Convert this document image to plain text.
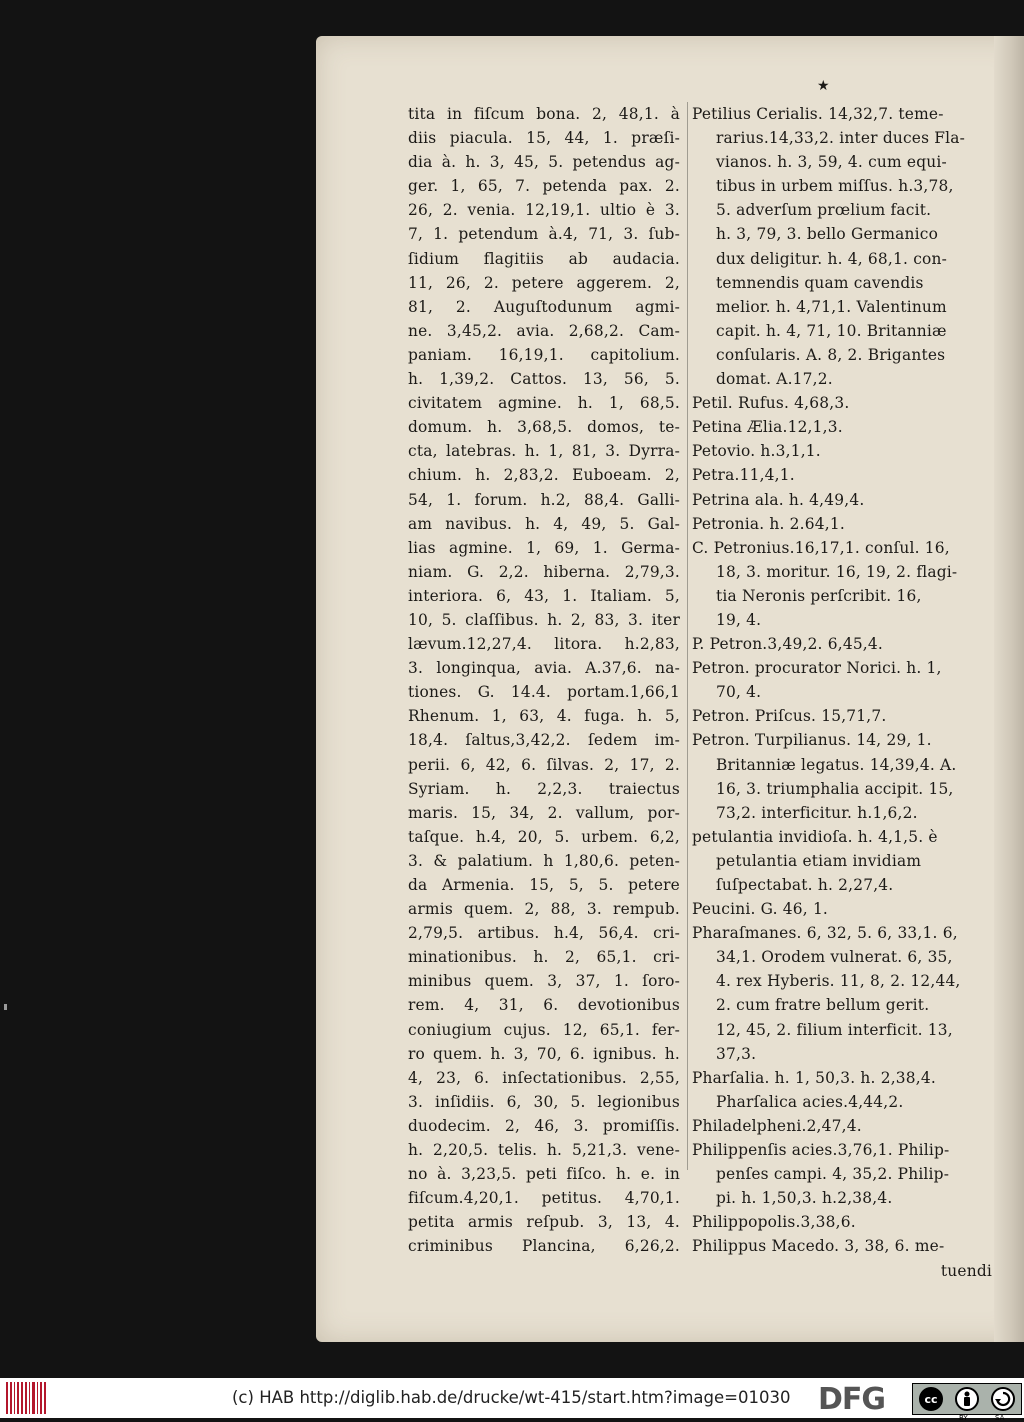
tita in fiſcum bona. 2, 48,1. à
diis piacula. 15, 44, 1. præſi-
dia à. h. 3, 45, 5. petendus ag-
ger. 1, 65, 7. petenda pax. 2.
26, 2. venia. 12,19,1. ultio è 3.
7, 1. petendum à.4, 71, 3. ſub-
ſidium flagitiis ab audacia.
11, 26, 2. petere aggerem. 2,
81, 2. Auguſtodunum agmi-
ne. 3,45,2. avia. 2,68,2. Cam-
paniam. 16,19,1. capitolium.
h. 1,39,2. Cattos. 13, 56, 5.
civitatem agmine. h. 1, 68,5.
domum. h. 3,68,5. domos, te-
cta, latebras. h. 1, 81, 3. Dyrra-
chium. h. 2,83,2. Euboeam. 2,
54, 1. forum. h.2, 88,4. Galli-
am navibus. h. 4, 49, 5. Gal-
lias agmine. 1, 69, 1. Germa-
niam. G. 2,2. hiberna. 2,79,3.
interiora. 6, 43, 1. Italiam. 5,
10, 5. claſſibus. h. 2, 83, 3. iter
lævum.12,27,4. litora. h.2,83,
3. longinqua, avia. A.37,6. na-
tiones. G. 14.4. portam.1,66,1
Rhenum. 1, 63, 4. fuga. h. 5,
18,4. ſaltus,3,42,2. ſedem im-
perii. 6, 42, 6. ſilvas. 2, 17, 2.
Syriam. h. 2,2,3. traiectus
maris. 15, 34, 2. vallum, por-
taſque. h.4, 20, 5. urbem. 6,2,
3. & palatium. h 1,80,6. peten-
da Armenia. 15, 5, 5. petere
armis quem. 2, 88, 3. rempub.
2,79,5. artibus. h.4, 56,4. cri-
minationibus. h. 2, 65,1. cri-
minibus quem. 3, 37, 1. ſoro-
rem. 4, 31, 6. devotionibus
coniugium cujus. 12, 65,1. fer-
ro quem. h. 3, 70, 6. ignibus. h.
4, 23, 6. inſectationibus. 2,55,
3. inſidiis. 6, 30, 5. legionibus
duodecim. 2, 46, 3. promiſſis.
h. 2,20,5. telis. h. 5,21,3. vene-
no à. 3,23,5. peti fiſco. h. e. in
fiſcum.4,20,1. petitus. 4,70,1.
petita armis reſpub. 3, 13, 4.
criminibus Plancina, 6,26,2.
★
Petilius Cerialis. 14,32,7. teme-
rarius.14,33,2. inter duces Fla-
vianos. h. 3, 59, 4. cum equi-
tibus in urbem miſſus. h.3,78,
5. adverſum prœlium facit.
h. 3, 79, 3. bello Germanico
dux deligitur. h. 4, 68,1. con-
temnendis quam cavendis
melior. h. 4,71,1. Valentinum
capit. h. 4, 71, 10. Britanniæ
conſularis. A. 8, 2. Brigantes
domat. A.17,2.
Petil. Rufus. 4,68,3.
Petina Ælia.12,1,3.
Petovio. h.3,1,1.
Petra.11,4,1.
Petrina ala. h. 4,49,4.
Petronia. h. 2.64,1.
C. Petronius.16,17,1. conſul. 16,
18, 3. moritur. 16, 19, 2. flagi-
tia Neronis perſcribit. 16,
19, 4.
P. Petron.3,49,2. 6,45,4.
Petron. procurator Norici. h. 1,
70, 4.
Petron. Priſcus. 15,71,7.
Petron. Turpilianus. 14, 29, 1.
Britanniæ legatus. 14,39,4. A.
16, 3. triumphalia accipit. 15,
73,2. interficitur. h.1,6,2.
petulantia invidioſa. h. 4,1,5. è
petulantia etiam invidiam
ſuſpectabat. h. 2,27,4.
Peucini. G. 46, 1.
Pharaſmanes. 6, 32, 5. 6, 33,1. 6,
34,1. Orodem vulnerat. 6, 35,
4. rex Hyberis. 11, 8, 2. 12,44,
2. cum fratre bellum gerit.
12, 45, 2. filium interficit. 13,
37,3.
Pharſalia. h. 1, 50,3. h. 2,38,4.
Pharſalica acies.4,44,2.
Philadelpheni.2,47,4.
Philippenſis acies.3,76,1. Philip-
penſes campi. 4, 35,2. Philip-
pi. h. 1,50,3. h.2,38,4.
Philippopolis.3,38,6.
Philippus Macedo. 3, 38, 6. me-
tuendi
(c) HAB http://diglib.hab.de/drucke/wt-415/start.htm?image=01030 DFG	cc
BY	SA
